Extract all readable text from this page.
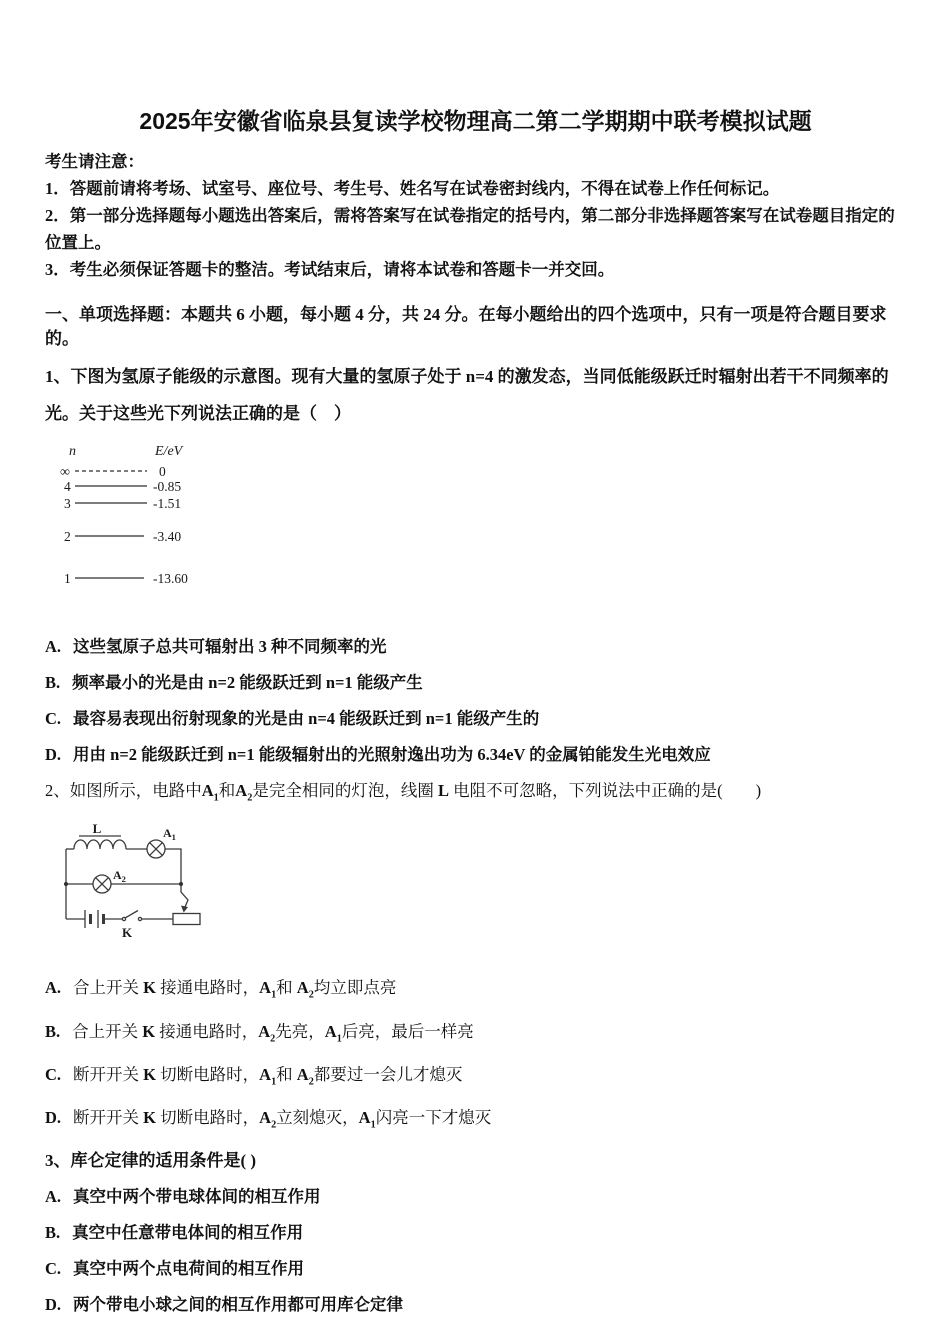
2025年安徽省临泉县复读学校物理高二第二学期期中联考模拟试题

考生请注意：

1．答题前请将考场、试室号、座位号、考生号、姓名写在试卷密封线内，不得在试卷上作任何标记。

2．第一部分选择题每小题选出答案后，需将答案写在试卷指定的括号内，第二部分非选择题答案写在试卷题目指定的位置上。

3．考生必须保证答题卡的整洁。考试结束后，请将本试卷和答题卡一并交回。

一、单项选择题：本题共 6 小题，每小题 4 分，共 24 分。在每小题给出的四个选项中，只有一项是符合题目要求的。

1、下图为氢原子能级的示意图。现有大量的氢原子处于 n=4 的激发态，当同低能级跃迁时辐射出若干不同频率的光。关于这些光下列说法正确的是（　）

n	E/eV
∞	0
4	-0.85
3	-1.51
2	-3.40
1	-13.60

A. 这些氢原子总共可辐射出 3 种不同频率的光

B. 频率最小的光是由 n=2 能级跃迁到 n=1 能级产生

C. 最容易表现出衍射现象的光是由 n=4 能级跃迁到 n=1 能级产生的

D. 用由 n=2 能级跃迁到 n=1 能级辐射出的光照射逸出功为 6.34eV 的金属铂能发生光电效应

2、如图所示，电路中$A_1$和$A_2$是完全相同的灯泡，线圈 L 电阻不可忽略，下列说法中正确的是(　　)

L	$A_1$
$A_2$
K

A. 合上开关 K 接通电路时，$A_1$和 $A_2$均立即点亮

B. 合上开关 K 接通电路时，$A_2$先亮，$A_1$后亮，最后一样亮

C. 断开开关 K 切断电路时，$A_1$和 $A_2$都要过一会儿才熄灭

D. 断开开关 K 切断电路时，$A_2$立刻熄灭，$A_1$闪亮一下才熄灭

3、库仑定律的适用条件是( )

A. 真空中两个带电球体间的相互作用

B. 真空中任意带电体间的相互作用

C. 真空中两个点电荷间的相互作用

D. 两个带电小球之间的相互作用都可用库仑定律
